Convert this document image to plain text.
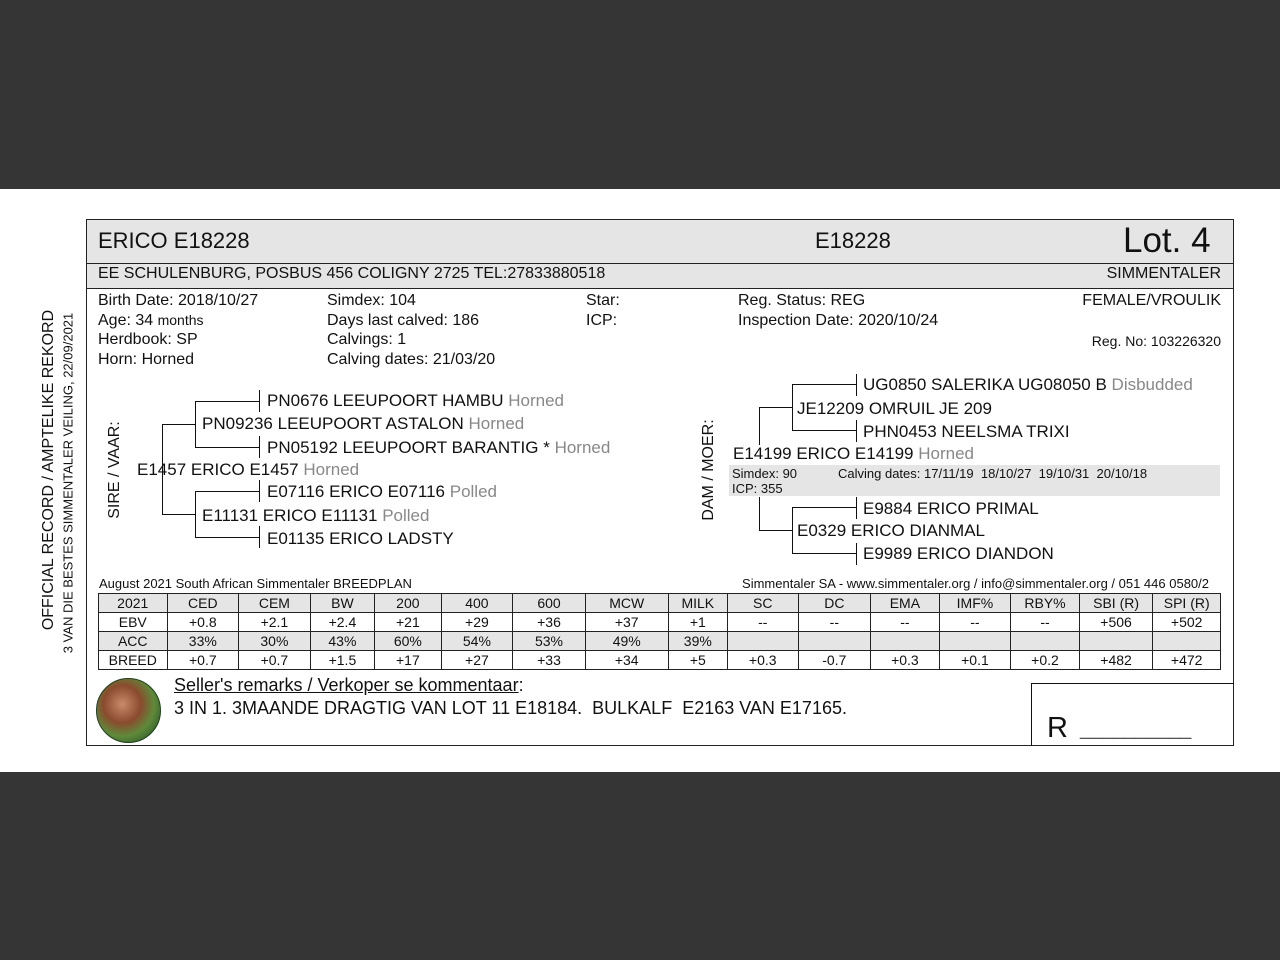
OFFICIAL RECORD / AMPTELIKE REKORD 3 VAN DIE BESTES SIMMENTALER VEILING, 22/09/2021
ERICO E18228	E18228	Lot. 4
EE SCHULENBURG, POSBUS 456 COLIGNY 2725 TEL:27833880518	SIMMENTALER
Birth Date: 2018/10/27
Age: 34 months
Herdbook: SP
Horn: Horned
Simdex: 104
Days last calved: 186
Calvings: 1
Calving dates: 21/03/20
Star:
ICP:
Reg. Status: REG
Inspection Date: 2020/10/24
FEMALE/VROULIK
Reg. No: 103226320
SIRE / VAAR:
PN0676 LEEUPOORT HAMBU Horned
PN09236 LEEUPOORT ASTALON Horned
PN05192 LEEUPOORT BARANTIG * Horned
E1457 ERICO E1457 Horned
E07116 ERICO E07116 Polled
E11131 ERICO E11131 Polled
E01135 ERICO LADSTY
DAM / MOER:
UG0850 SALERIKA UG08050 B Disbudded
JE12209 OMRUIL JE 209
PHN0453 NEELSMA TRIXI
E14199 ERICO E14199 Horned
Simdex: 90	Calving dates: 17/11/19  18/10/27  19/10/31  20/10/18
ICP: 355
E9884 ERICO PRIMAL
E0329 ERICO DIANMAL
E9989 ERICO DIANDON
August 2021 South African Simmentaler BREEDPLAN	Simmentaler SA - www.simmentaler.org / info@simmentaler.org / 051 446 0580/2
2021	CED	CEM	BW	200	400	600	MCW	MILK	SC	DC	EMA	IMF%	RBY%	SBI (R)	SPI (R)
EBV	+0.8	+2.1	+2.4	+21	+29	+36	+37	+1	--	--	--	--	--	+506	+502
ACC	33%	30%	43%	60%	54%	53%	49%	39%							
BREED	+0.7	+0.7	+1.5	+17	+27	+33	+34	+5	+0.3	-0.7	+0.3	+0.1	+0.2	+482	+472
Seller's remarks / Verkoper se kommentaar:
3 IN 1. 3MAANDE DRAGTIG VAN LOT 11 E18184.  BULKALF  E2163 VAN E17165.
R __________
